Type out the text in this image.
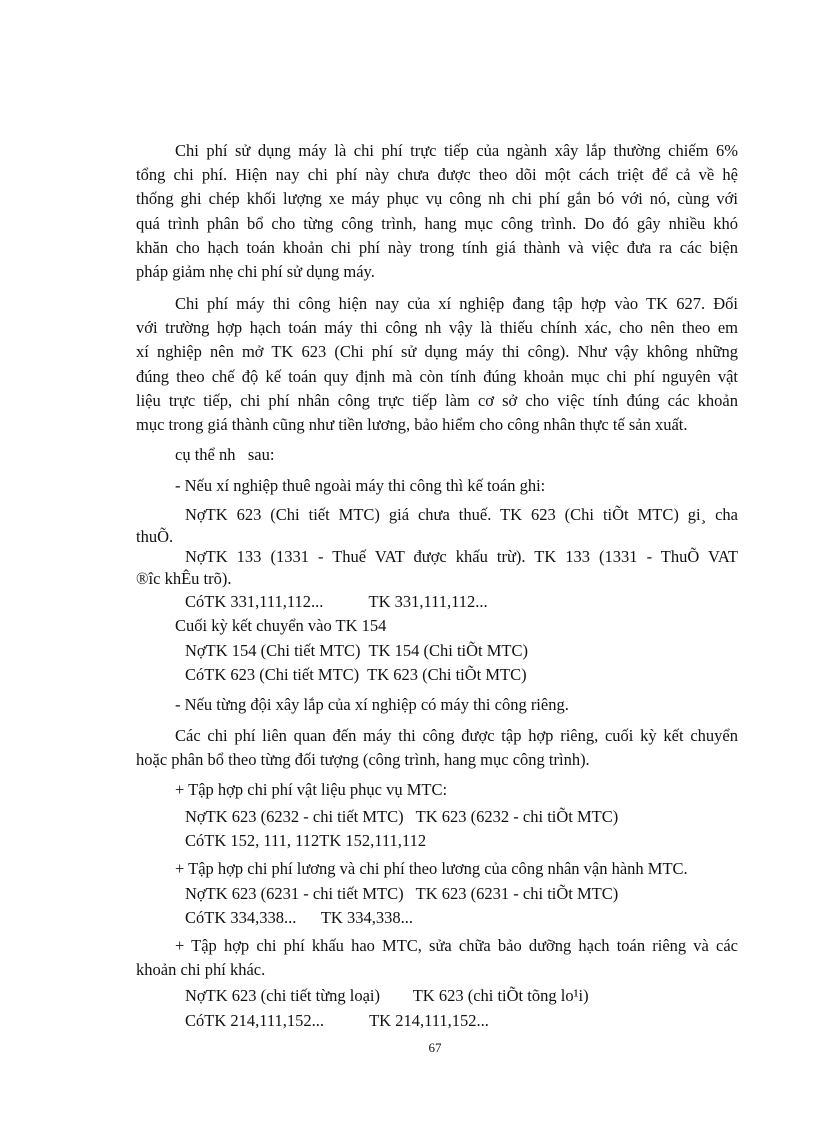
Chi phí sử dụng máy là chi phí trực tiếp của ngành xây lắp thường chiếm 6%
tổng chi phí. Hiện nay chi phí này chưa được theo dõi một cách triệt để cả về hệ
thống ghi chép khối lượng xe máy phục vụ công nh chi phí gắn bó với nó, cùng với
quá trình phân bổ cho từng công trình, hang mục công trình. Do đó gây nhiều khó
khăn cho hạch toán khoản chi phí này trong tính giá thành và việc đưa ra các biện
pháp giảm nhẹ chi phí sử dụng máy.
Chi phí máy thi công hiện nay của xí nghiệp đang tập hợp vào TK 627. Đối
với trường hợp hạch toán máy thi công nh vậy là thiếu chính xác, cho nên theo em
xí nghiệp nên mở TK 623 (Chi phí sử dụng máy thi công). Như vậy không những
đúng theo chế độ kế toán quy định mà còn tính đúng khoản mục chi phí nguyên vật
liệu trực tiếp, chi phí nhân công trực tiếp làm cơ sở cho việc tính đúng các khoản
mục trong giá thành cũng như tiền lương, bảo hiểm cho công nhân thực tế sản xuất.
cụ thể nh   sau:
- Nếu xí nghiệp thuê ngoài máy thi công thì kế toán ghi:
NợTK 623 (Chi tiết MTC) giá chưa thuế. TK 623 (Chi tiÕt MTC) gi¸ cha
thuÕ.
NợTK 133 (1331 - Thuế VAT được khấu trừ). TK 133 (1331 - ThuÕ VAT
®îc khÊu trõ).
CóTK 331,111,112...           TK 331,111,112...
Cuối kỳ kết chuyển vào TK 154
NợTK 154 (Chi tiết MTC)  TK 154 (Chi tiÕt MTC)
CóTK 623 (Chi tiết MTC)  TK 623 (Chi tiÕt MTC)
- Nếu từng đội xây lắp của xí nghiệp có máy thi công riêng.
Các chi phí liên quan đến máy thi công được tập hợp riêng, cuối kỳ kết chuyển
hoặc phân bổ theo từng đối tượng (công trình, hang mục công trình).
+ Tập hợp chi phí vật liệu phục vụ MTC:
NợTK 623 (6232 - chi tiết MTC)   TK 623 (6232 - chi tiÕt MTC)
CóTK 152, 111, 112TK 152,111,112
+ Tập hợp chi phí lương và chi phí theo lương của công nhân vận hành MTC.
NợTK 623 (6231 - chi tiết MTC)   TK 623 (6231 - chi tiÕt MTC)
CóTK 334,338...      TK 334,338...
+ Tập hợp chi phí khấu hao MTC, sửa chữa bảo dưỡng hạch toán riêng và các
khoản chi phí khác.
NợTK 623 (chi tiết từng loại)        TK 623 (chi tiÕt tõng lo¹i)
CóTK 214,111,152...           TK 214,111,152...
67
